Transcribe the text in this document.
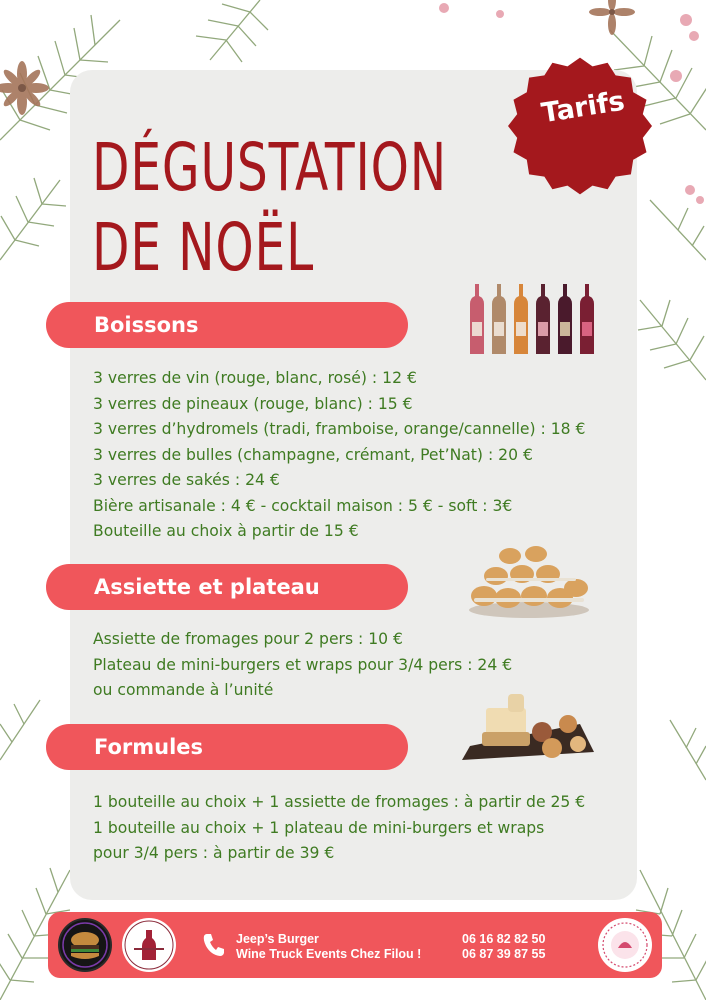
DÉGUSTATION
DE NOËL
Tarifs
Boissons
3 verres de vin (rouge, blanc, rosé) : 12 €
3 verres de pineaux (rouge, blanc) : 15 €
3 verres d’hydromels (tradi, framboise, orange/cannelle) : 18 €
3 verres de bulles (champagne, crémant, Pet’Nat) : 20 €
3 verres de sakés : 24 €
Bière artisanale : 4 € - cocktail maison : 5 € - soft : 3€
Bouteille au choix à partir de 15 €
Assiette et plateau
Assiette de fromages pour 2 pers : 10 €
Plateau de mini-burgers et wraps pour 3/4 pers : 24 €
ou commande à l’unité
Formules
1 bouteille au choix + 1 assiette de fromages : à partir de 25 €
1 bouteille au choix + 1 plateau de mini-burgers et wraps
pour 3/4 pers : à partir de 39 €
Jeep’s Burger
Wine Truck Events Chez Filou !
06 16 82 82 50
06 87 39 87 55
